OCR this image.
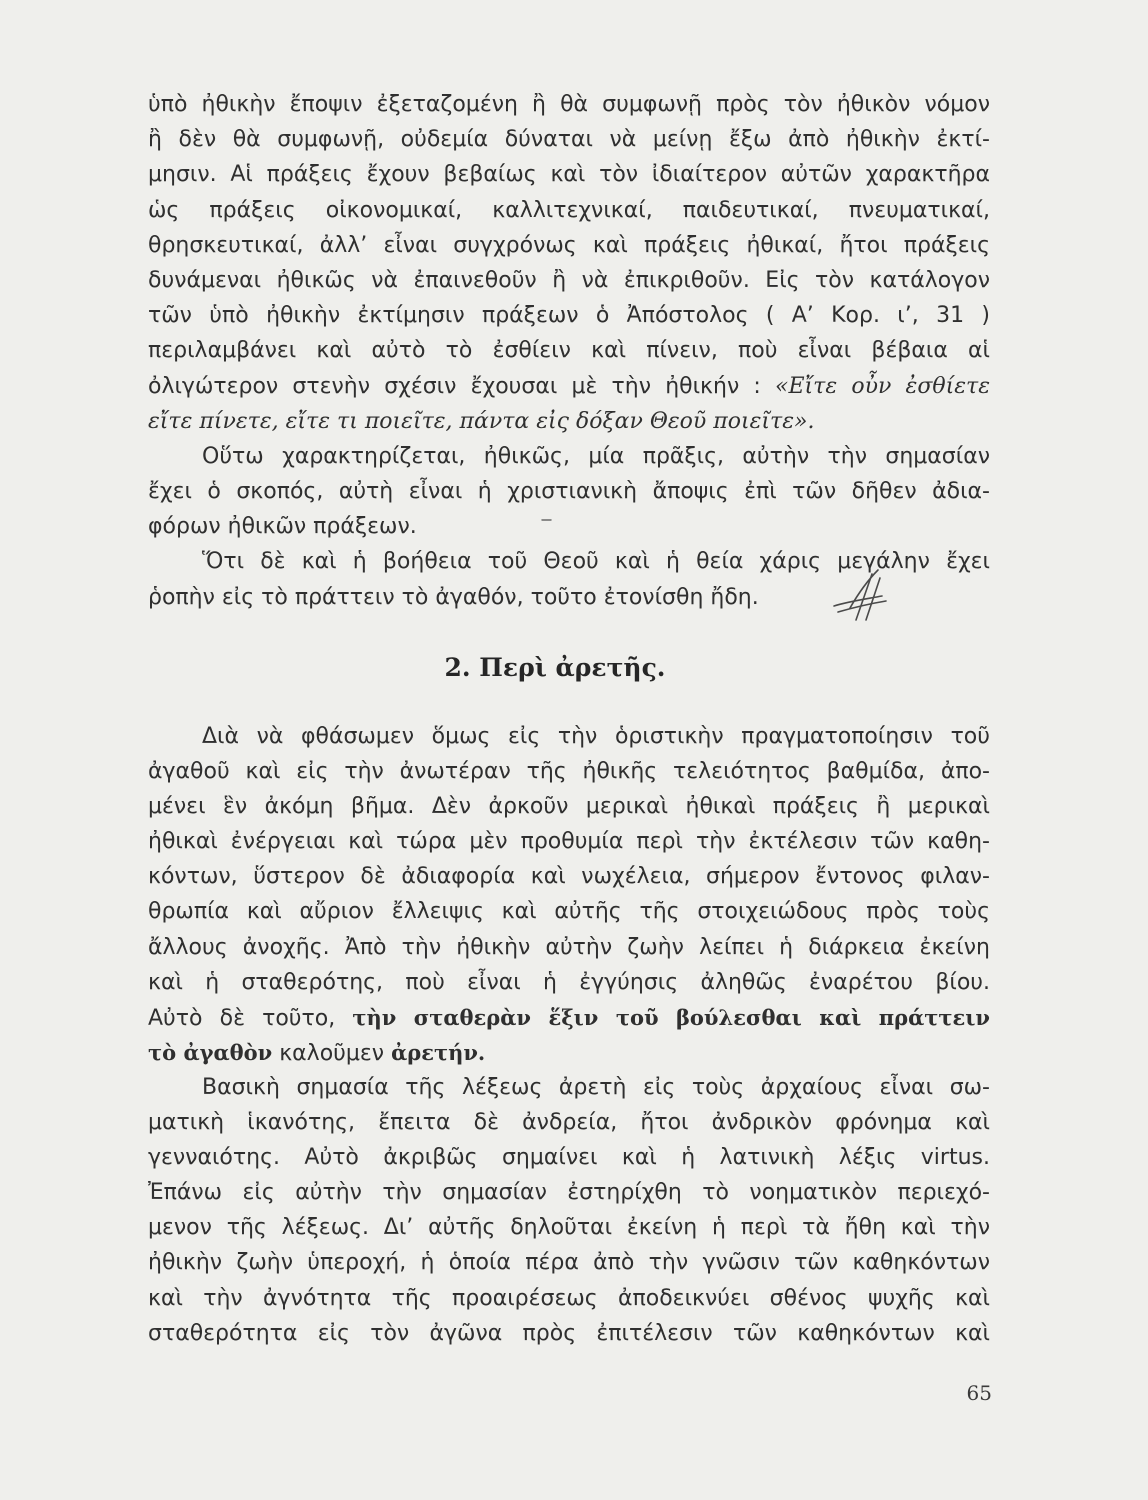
ὑπὸ ἠθικὴν ἔποψιν ἐξεταζομένη ἢ θὰ συμφωνῇ πρὸς τὸν ἠθικὸν νόμον
ἢ δὲν θὰ συμφωνῇ, οὐδεμία δύναται νὰ μείνῃ ἔξω ἀπὸ ἠθικὴν ἐκτί-
μησιν. Αἱ πράξεις ἔχουν βεβαίως καὶ τὸν ἰδιαίτερον αὐτῶν χαρακτῆρα
ὡς πράξεις οἰκονομικαί, καλλιτεχνικαί, παιδευτικαί, πνευματικαί,
θρησκευτικαί, ἀλλ’ εἶναι συγχρόνως καὶ πράξεις ἠθικαί, ἤτοι πράξεις
δυνάμεναι ἠθικῶς νὰ ἐπαινεθοῦν ἢ νὰ ἐπικριθοῦν. Εἰς τὸν κατάλογον
τῶν ὑπὸ ἠθικὴν ἐκτίμησιν πράξεων ὁ Ἀπόστολος ( Α’ Κορ. ι’, 31 )
περιλαμβάνει καὶ αὐτὸ τὸ ἐσθίειν καὶ πίνειν, ποὺ εἶναι βέβαια αἱ
ὀλιγώτερον στενὴν σχέσιν ἔχουσαι μὲ τὴν ἠθικήν : «Εἴτε οὖν ἐσθίετε
εἴτε πίνετε, εἴτε τι ποιεῖτε, πάντα εἰς δόξαν Θεοῦ ποιεῖτε».
Οὕτω χαρακτηρίζεται, ἠθικῶς, μία πρᾶξις, αὐτὴν τὴν σημασίαν
ἔχει ὁ σκοπός, αὐτὴ εἶναι ἡ χριστιανικὴ ἄποψις ἐπὶ τῶν δῆθεν ἀδια-
φόρων ἠθικῶν πράξεων.
Ὅτι δὲ καὶ ἡ βοήθεια τοῦ Θεοῦ καὶ ἡ θεία χάρις μεγάλην ἔχει
ῥοπὴν εἰς τὸ πράττειν τὸ ἀγαθόν, τοῦτο ἐτονίσθη ἤδη.
2. Περὶ ἀρετῆς.
Διὰ νὰ φθάσωμεν ὅμως εἰς τὴν ὁριστικὴν πραγματοποίησιν τοῦ
ἀγαθοῦ καὶ εἰς τὴν ἀνωτέραν τῆς ἠθικῆς τελειότητος βαθμίδα, ἀπο-
μένει ἓν ἀκόμη βῆμα. Δὲν ἀρκοῦν μερικαὶ ἠθικαὶ πράξεις ἢ μερικαὶ
ἠθικαὶ ἐνέργειαι καὶ τώρα μὲν προθυμία περὶ τὴν ἐκτέλεσιν τῶν καθη-
κόντων, ὕστερον δὲ ἀδιαφορία καὶ νωχέλεια, σήμερον ἔντονος φιλαν-
θρωπία καὶ αὔριον ἔλλειψις καὶ αὐτῆς τῆς στοιχειώδους πρὸς τοὺς
ἄλλους ἀνοχῆς. Ἀπὸ τὴν ἠθικὴν αὐτὴν ζωὴν λείπει ἡ διάρκεια ἐκείνη
καὶ ἡ σταθερότης, ποὺ εἶναι ἡ ἐγγύησις ἀληθῶς ἐναρέτου βίου.
Αὐτὸ δὲ τοῦτο, τὴν σταθερὰν ἕξιν τοῦ βούλεσθαι καὶ πράττειν
τὸ ἀγαθὸν καλοῦμεν ἀρετήν.
Βασικὴ σημασία τῆς λέξεως ἀρετὴ εἰς τοὺς ἀρχαίους εἶναι σω-
ματικὴ ἱκανότης, ἔπειτα δὲ ἀνδρεία, ἤτοι ἀνδρικὸν φρόνημα καὶ
γενναιότης. Αὐτὸ ἀκριβῶς σημαίνει καὶ ἡ λατινικὴ λέξις virtus.
Ἐπάνω εἰς αὐτὴν τὴν σημασίαν ἐστηρίχθη τὸ νοηματικὸν περιεχό-
μενον τῆς λέξεως. Δι’ αὐτῆς δηλοῦται ἐκείνη ἡ περὶ τὰ ἤθη καὶ τὴν
ἠθικὴν ζωὴν ὑπεροχή, ἡ ὁποία πέρα ἀπὸ τὴν γνῶσιν τῶν καθηκόντων
καὶ τὴν ἀγνότητα τῆς προαιρέσεως ἀποδεικνύει σθένος ψυχῆς καὶ
σταθερότητα εἰς τὸν ἀγῶνα πρὸς ἐπιτέλεσιν τῶν καθηκόντων καὶ
65
